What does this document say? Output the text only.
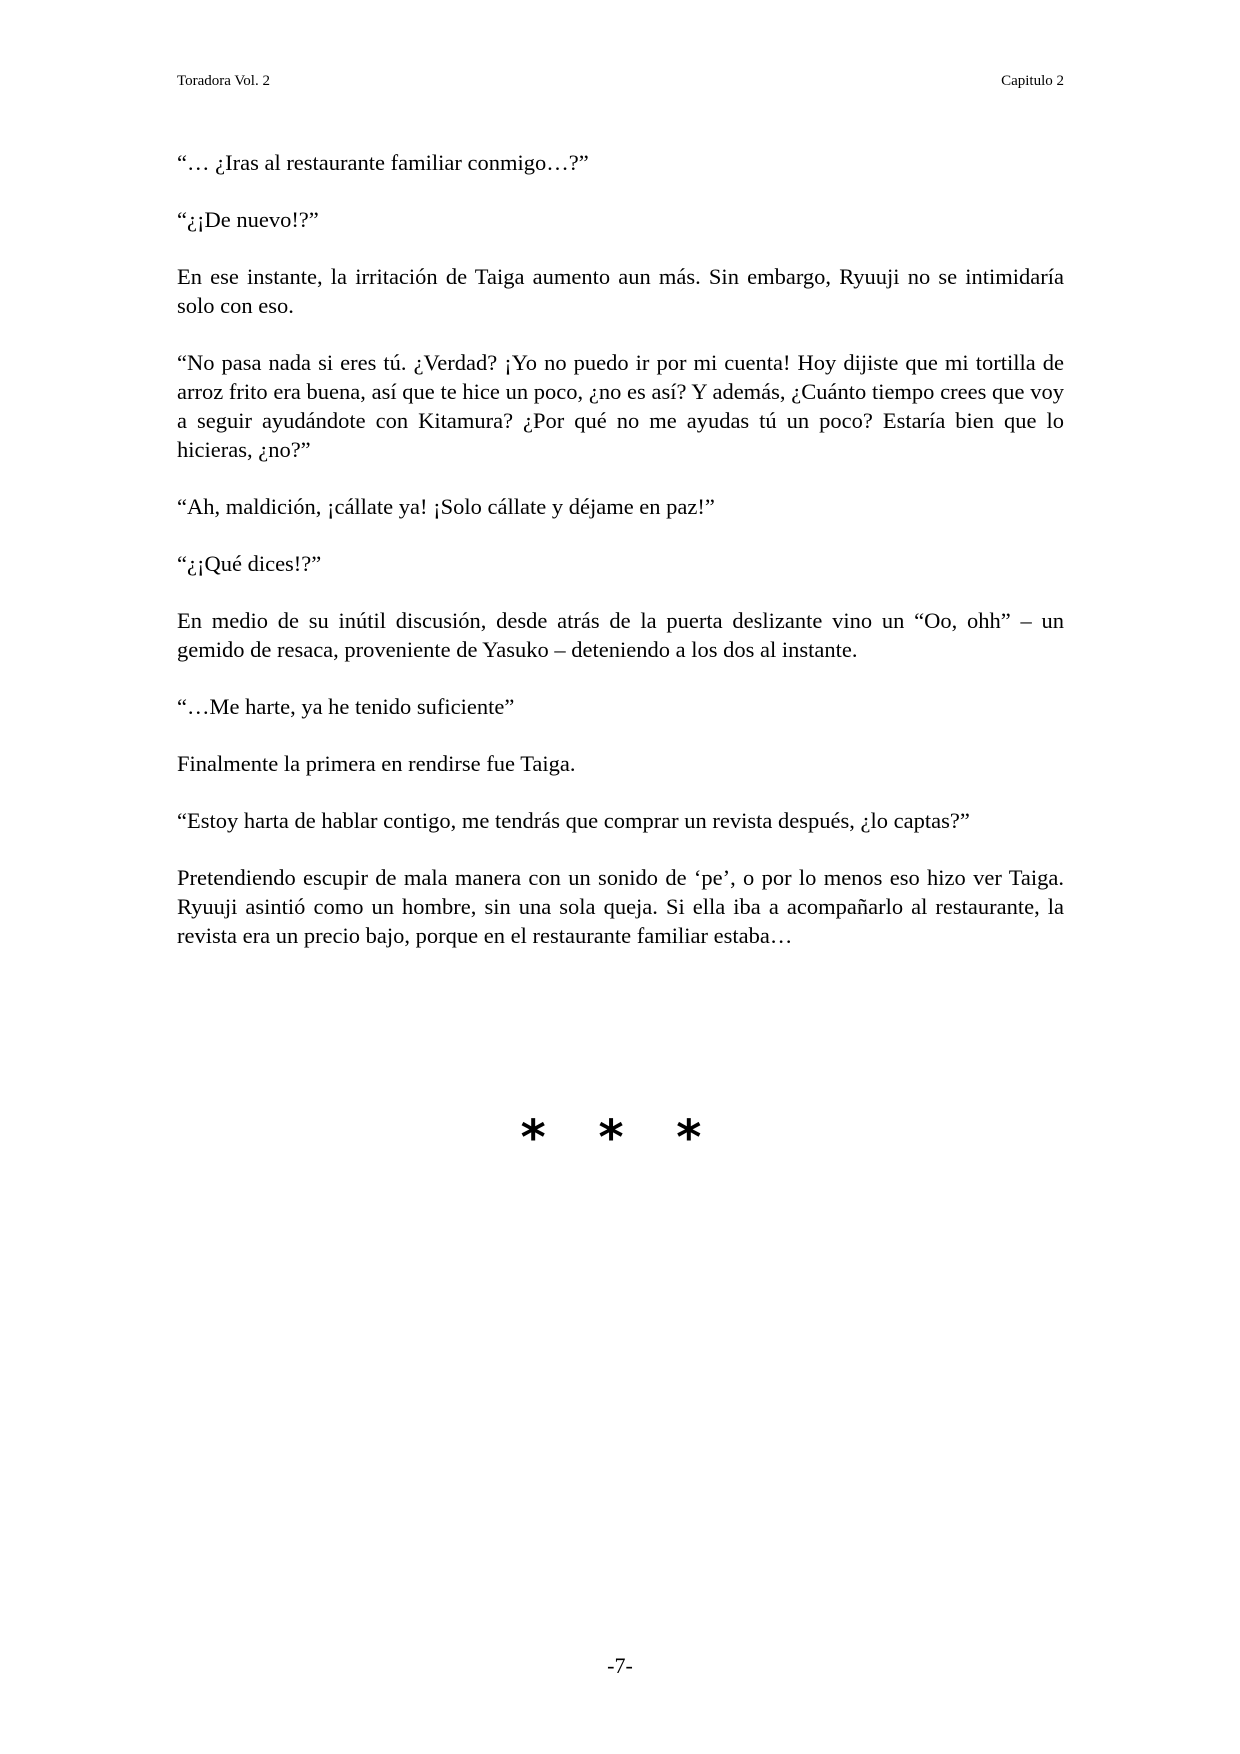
Toradora Vol. 2	Capitulo 2

“… ¿Iras al restaurante familiar conmigo…?”

“¿¡De nuevo!?”

En ese instante, la irritación de Taiga aumento aun más. Sin embargo, Ryuuji no se intimidaría solo con eso.

“No pasa nada si eres tú. ¿Verdad? ¡Yo no puedo ir por mi cuenta! Hoy dijiste que mi tortilla de arroz frito era buena, así que te hice un poco, ¿no es así? Y además, ¿Cuánto tiempo crees que voy a seguir ayudándote con Kitamura? ¿Por qué no me ayudas tú un poco? Estaría bien que lo hicieras, ¿no?”

“Ah, maldición, ¡cállate ya! ¡Solo cállate y déjame en paz!”

“¿¡Qué dices!?”

En medio de su inútil discusión, desde atrás de la puerta deslizante vino un “Oo, ohh” – un gemido de resaca, proveniente de Yasuko – deteniendo a los dos al instante.

“…Me harte, ya he tenido suficiente”

Finalmente la primera en rendirse fue Taiga.

“Estoy harta de hablar contigo, me tendrás que comprar un revista después, ¿lo captas?”

Pretendiendo escupir de mala manera con un sonido de ‘pe’, o por lo menos eso hizo ver Taiga. Ryuuji asintió como un hombre, sin una sola queja. Si ella iba a acompañarlo al restaurante, la revista era un precio bajo, porque en el restaurante familiar estaba…

* * *
-7-
